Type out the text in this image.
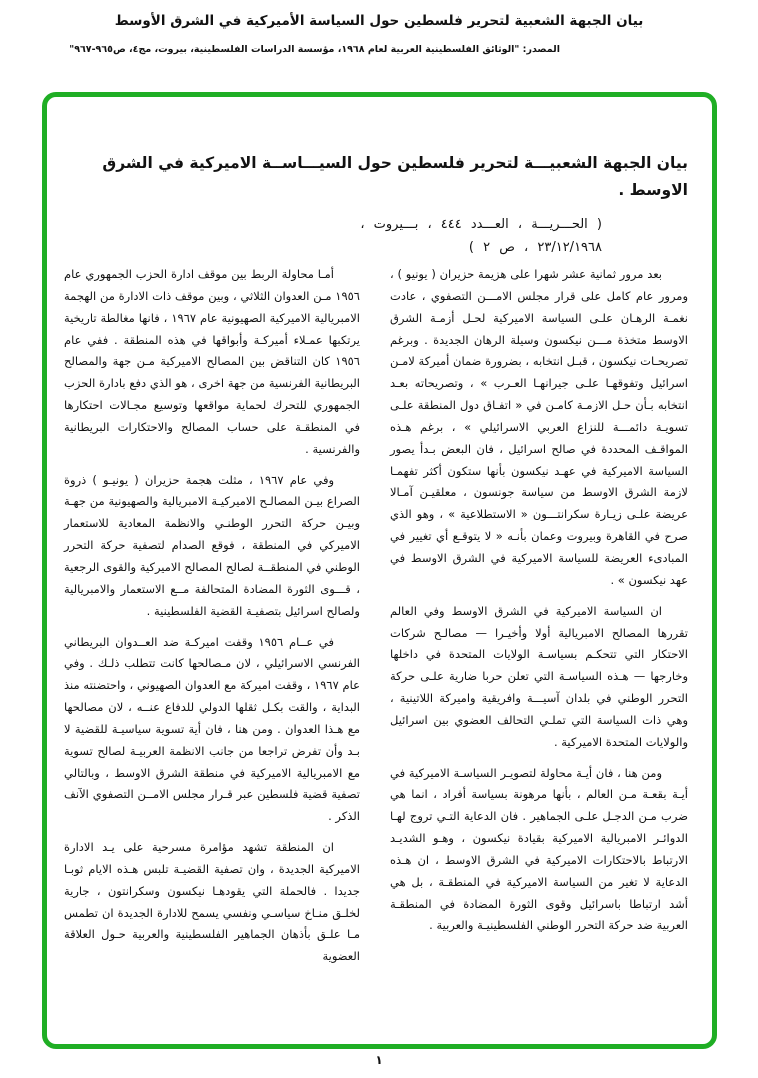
بيان الجبهة الشعبية لتحرير فلسطين حول السياسة الأميركية في الشرق الأوسط
المصدر: "الوثائق الفلسطينية العربية لعام ١٩٦٨، مؤسسة الدراسات الفلسطينية، بيروت، مج٤، ص٩٦٥-٩٦٧"
بيان الجبهة الشعبيـــة لتحرير فلسطين حول السيـــاســة الاميركية في الشرق
الاوسط .
( الحـــريـــة ، العـــدد ٤٤٤ ، بـــيروت ،
٢٣/١٢/١٩٦٨ ، ص ٢ )

بعد مرور ثمانية عشر شهرا على هزيمة حزيران ( يونيو ) ، ومرور عام كامل على قرار مجلس الامـــن التصفوي ، عادت نغمـة الرهـان علـى السياسة الاميركية لحـل أزمـة الشرق الاوسط متخذة مـــن نيكسون وسيلة الرهان الجديدة . وبرغم تصريحـات نيكسون ، قبـل انتخابه ، بضرورة ضمان أميركة لامـن اسرائيل وتفوقهـا علـى جيرانهـا العـرب » ، وتصريحاته بعـد انتخابه بـأن حـل الازمـة كامـن في « اتفـاق دول المنطقة علـى تسويـة دائمـــة للنزاع العربي الاسرائيلي » ، برغم هـذه المواقـف المحددة في صالح اسرائيل ، فان البعض بـدأ يصور السياسة الاميركية في عهـد نيكسون بأنها ستكون أكثر تفهمـا لازمة الشرق الاوسط من سياسة جونسون ، معلقيـن آمـالا عريضة علـى زيـارة سكرانتـــون « الاستطلاعية » ، وهو الذي صرح في القاهرة وبيروت وعمان بأنـه « لا يتوقـع أي تغيير في المبادىء العريضة للسياسة الاميركية في الشرق الاوسط في عهد نيكسون » .

ان السياسة الاميركية في الشرق الاوسط وفي العالم تقررها المصالح الامبريالية أولا وأخيـرا — مصالـح شركات الاحتكار التي تتحكـم بسياسـة الولايات المتحدة في داخلها وخارجها — هـذه السياسـة التي تعلن حربا ضارية علـى حركة التحرر الوطني في بلدان آسيـــة وافريقية واميركة اللاتينية ، وهي ذات السياسة التي تملـي التحالف العضوي بين اسرائيل والولايات المتحدة الاميركية .

ومن هنا ، فان أيـة محاولة لتصويـر السياسـة الاميركية في أيـة بقعـة مـن العالم ، بأنها مرهونة بسياسة أفراد ، انما هي ضرب مـن الدجـل علـى الجماهير . فان الدعاية التـي تروج لهـا الدوائـر الامبريالية الاميركية بقيادة نيكسون ، وهـو الشديـد الارتباط بالاحتكارات الاميركية في الشرق الاوسط ، ان هـذه الدعاية لا تغير من السياسة الاميركية في المنطقـة ، بل هي أشد ارتباطا باسرائيل وقوى الثورة المضادة في المنطقـة العربية ضد حركة التحرر الوطني الفلسطينيـة والعربية .

أمـا محاولة الربط بين موقف ادارة الحزب الجمهوري عام ١٩٥٦ مـن العدوان الثلاثي ، وبين موقف ذات الادارة من الهجمة الامبريالية الاميركية الصهيونية عام ١٩٦٧ ، فانها مغالطة تاريخية يرتكبها عمـلاء أميركـة وأبواقها في هذه المنطقة . ففي عام ١٩٥٦ كان التناقض بين المصالح الاميركية مـن جهة والمصالح البريطانية الفرنسية من جهة اخرى ، هو الذي دفع بادارة الحزب الجمهوري للتحرك لحماية مواقعها وتوسيع مجـالات احتكارها في المنطقـة على حساب المصالح والاحتكارات البريطانية والفرنسية .

وفي عام ١٩٦٧ ، مثلت هجمة حزيران ( يونيـو ) ذروة الصراع بيـن المصالـح الاميركيـة الامبريالية والصهيونية من جهـة وبيـن حركة التحرر الوطنـي والانظمة المعادية للاستعمار الاميركي في المنطقة ، فوقع الصدام لتصفية حركة التحرر الوطني في المنطقــة لصالح المصالح الاميركية والقوى الرجعية ، قـــوى الثورة المضادة المتحالفة مــع الاستعمار والامبريالية ولصالح اسرائيل بتصفيـة القضية الفلسطينية .

في عــام ١٩٥٦ وقفت اميركـة ضد العــدوان البريطاني الفرنسي الاسرائيلي ، لان مـصالحها كانت تتطلب ذلـك . وفي عام ١٩٦٧ ، وقفت اميركة مع العدوان الصهيوني ، واحتضنته منذ البداية ، والقت بكـل ثقلها الدولي للدفاع عنــه ، لان مصالحها مع هـذا العدوان . ومن هنا ، فان أية تسوية سياسيـة للقضية لا بـد وأن تفرض تراجعا من جانب الانظمة العربيـة لصالح تسوية مع الامبريالية الاميركية في منطقة الشرق الاوسط ، وبالتالي تصفية قضية فلسطين عبر قـرار مجلس الامــن التصفوي الآنف الذكر .

ان المنطقة تشهد مؤامرة مسرحية على يـد الادارة الاميركية الجديدة ، وان تصفية القضيـة تلبس هـذه الايام ثوبـا جديدا . فالحملة التي يقودهـا نيكسون وسكرانتون ، جارية لخلـق منـاخ سياسـي ونفسي يسمح للادارة الجديدة ان تطمس مـا علـق بأذهان الجماهير الفلسطينية والعربية حـول العلاقة العضوية

١
